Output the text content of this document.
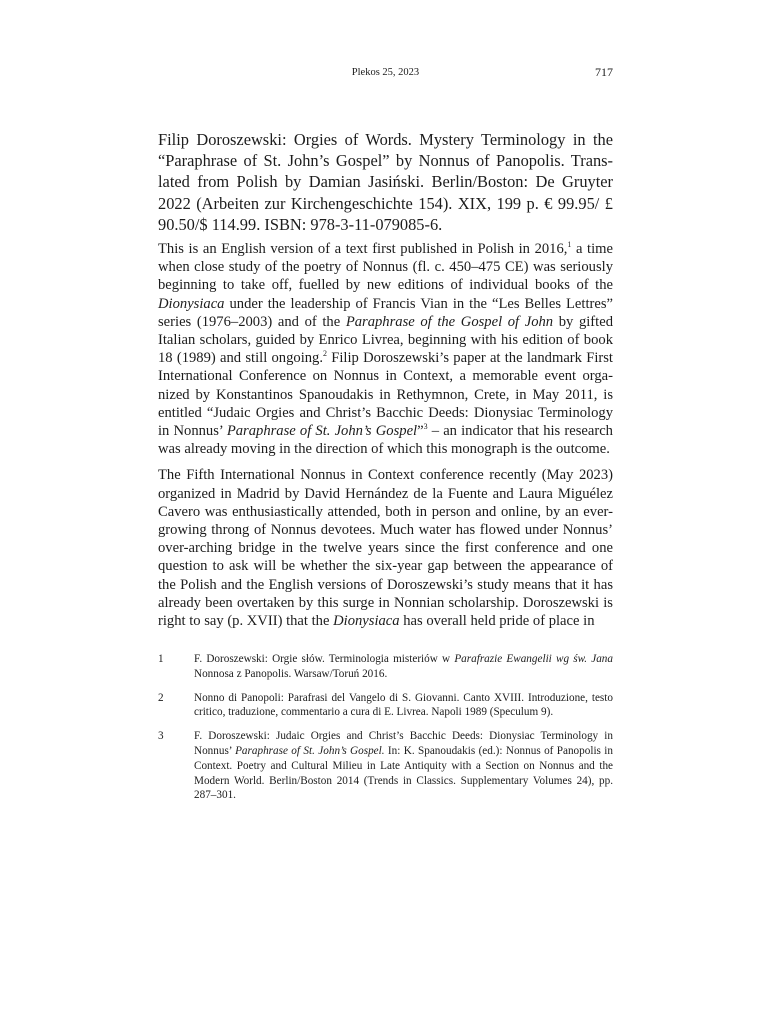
Plekos 25, 2023	717
Filip Doroszewski: Orgies of Words. Mystery Terminology in the “Paraphrase of St. John’s Gospel” by Nonnus of Panopolis. Translated from Polish by Damian Jasiński. Berlin/Boston: De Gruyter 2022 (Arbeiten zur Kirchengeschichte 154). XIX, 199 p. € 99.95/ £ 90.50/$ 114.99. ISBN: 978-3-11-079085-6.

This is an English version of a text first published in Polish in 2016,$^1$ a time when close study of the poetry of Nonnus (fl. c. 450–475 CE) was seriously beginning to take off, fuelled by new editions of individual books of the Dionysiaca under the leadership of Francis Vian in the “Les Belles Lettres” series (1976–2003) and of the Paraphrase of the Gospel of John by gifted Italian scholars, guided by Enrico Livrea, beginning with his edition of book 18 (1989) and still ongoing.$^2$ Filip Doroszewski’s paper at the landmark First International Conference on Nonnus in Context, a memorable event organized by Konstantinos Spanoudakis in Rethymnon, Crete, in May 2011, is entitled “Judaic Orgies and Christ’s Bacchic Deeds: Dionysiac Terminology in Nonnus’ Paraphrase of St. John’s Gospel”$^3$ – an indicator that his research was already moving in the direction of which this monograph is the outcome.

The Fifth International Nonnus in Context conference recently (May 2023) organized in Madrid by David Hernández de la Fuente and Laura Miguélez Cavero was enthusiastically attended, both in person and online, by an ever-growing throng of Nonnus devotees. Much water has flowed under Nonnus’ over-arching bridge in the twelve years since the first conference and one question to ask will be whether the six-year gap between the appearance of the Polish and the English versions of Doroszewski’s study means that it has already been overtaken by this surge in Nonnian scholarship. Doroszewski is right to say (p. XVII) that the Dionysiaca has overall held pride of place in

1	F. Doroszewski: Orgie słów. Terminologia misteriów w Parafrazie Ewangelii wg św. Jana Nonnosa z Panopolis. Warsaw/Toruń 2016.
2	Nonno di Panopoli: Parafrasi del Vangelo di S. Giovanni. Canto XVIII. Introduzione, testo critico, traduzione, commentario a cura di E. Livrea. Napoli 1989 (Speculum 9).
3	F. Doroszewski: Judaic Orgies and Christ’s Bacchic Deeds: Dionysiac Terminology in Nonnus’ Paraphrase of St. John’s Gospel. In: K. Spanoudakis (ed.): Nonnus of Panopolis in Context. Poetry and Cultural Milieu in Late Antiquity with a Section on Nonnus and the Modern World. Berlin/Boston 2014 (Trends in Classics. Supplementary Volumes 24), pp. 287–301.
